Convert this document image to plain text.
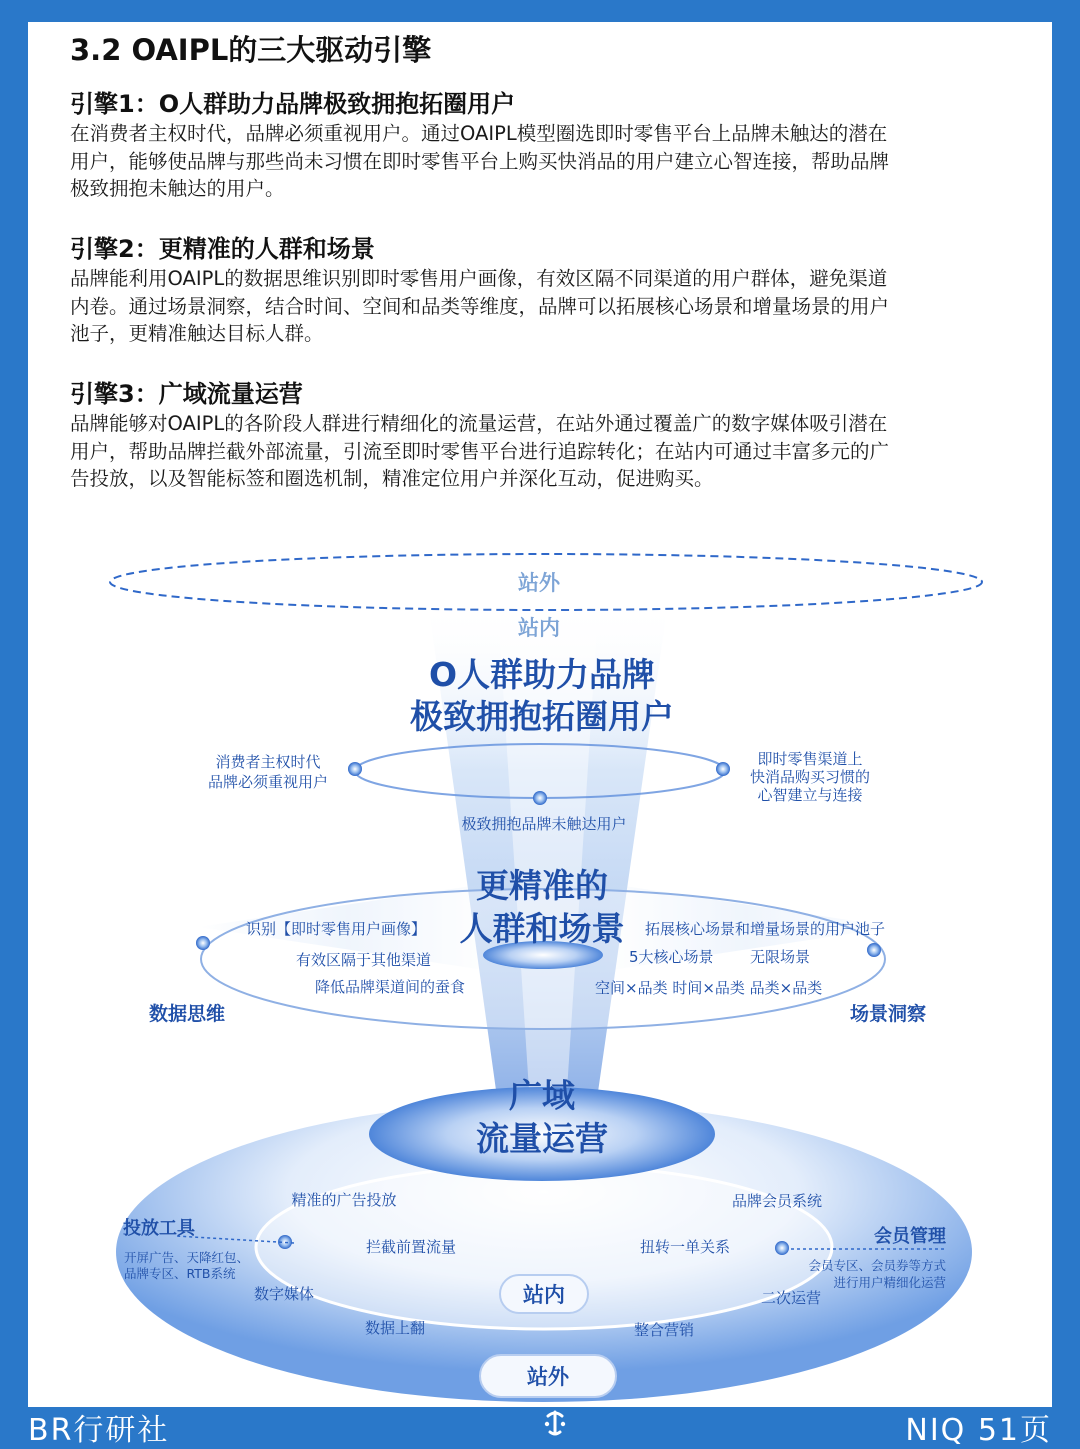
3.2 OAIPL的三大驱动引擎
引擎1：O人群助力品牌极致拥抱拓圈用户

在消费者主权时代，品牌必须重视用户。通过OAIPL模型圈选即时零售平台上品牌未触达的潜在
用户，能够使品牌与那些尚未习惯在即时零售平台上购买快消品的用户建立心智连接，帮助品牌
极致拥抱未触达的用户。

引擎2：更精准的人群和场景

品牌能利用OAIPL的数据思维识别即时零售用户画像，有效区隔不同渠道的用户群体，避免渠道
内卷。通过场景洞察，结合时间、空间和品类等维度，品牌可以拓展核心场景和增量场景的用户
池子，更精准触达目标人群。

引擎3：广域流量运营

品牌能够对OAIPL的各阶段人群进行精细化的流量运营，在站外通过覆盖广的数字媒体吸引潜在
用户，帮助品牌拦截外部流量，引流至即时零售平台进行追踪转化；在站内可通过丰富多元的广
告投放，以及智能标签和圈选机制，精准定位用户并深化互动，促进购买。

站外
站内
O人群助力品牌
极致拥抱拓圈用户
消费者主权时代
品牌必须重视用户
即时零售渠道上
快消品购买习惯的
心智建立与连接
极致拥抱品牌未触达用户
更精准的
人群和场景
识别【即时零售用户画像】
有效区隔于其他渠道
降低品牌渠道间的蚕食
拓展核心场景和增量场景的用户池子
5大核心场景 无限场景
空间×品类 时间×品类 品类×品类
数据思维	场景洞察
广域
流量运营
精准的广告投放	品牌会员系统
拦截前置流量	扭转一单关系
数字媒体	二次运营
数据上翻	整合营销
站内
站外
投放工具
开屏广告、天降红包、
品牌专区、RTB系统
会员管理
会员专区、会员券等方式
进行用户精细化运营
BR行研社	NIQ 51页
